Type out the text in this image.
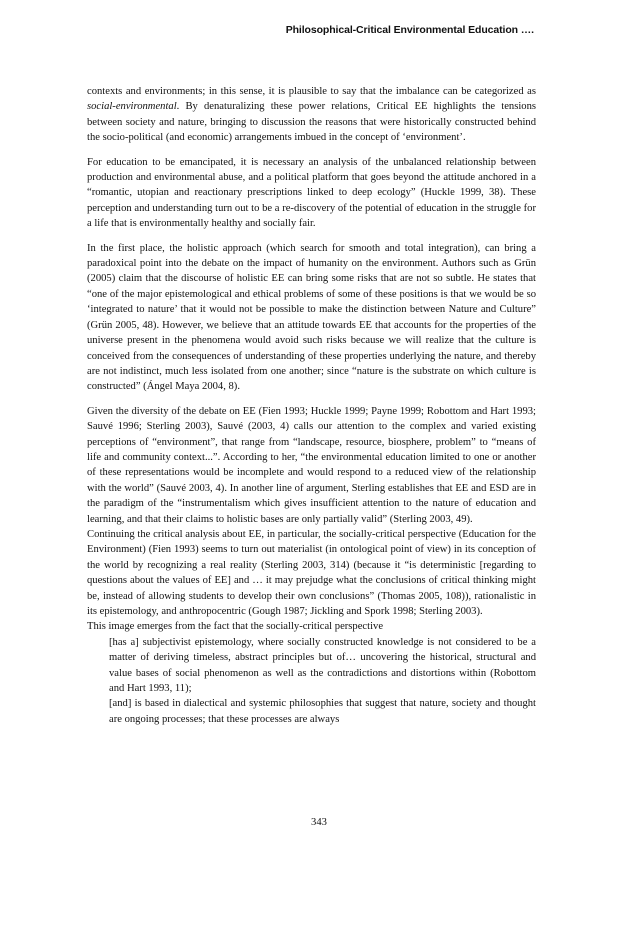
Philosophical-Critical Environmental Education ….

contexts and environments; in this sense, it is plausible to say that the imbalance can be categorized as social-environmental. By denaturalizing these power relations, Critical EE highlights the tensions between society and nature, bringing to discussion the reasons that were historically constructed behind the socio-political (and economic) arrangements imbued in the concept of ‘environment’.

For education to be emancipated, it is necessary an analysis of the unbalanced relationship between production and environmental abuse, and a political platform that goes beyond the attitude anchored in a “romantic, utopian and reactionary prescriptions linked to deep ecology” (Huckle 1999, 38). These perception and understanding turn out to be a re-discovery of the potential of education in the struggle for a life that is environmentally healthy and socially fair.

In the first place, the holistic approach (which search for smooth and total integration), can bring a paradoxical point into the debate on the impact of humanity on the environment. Authors such as Grün (2005) claim that the discourse of holistic EE can bring some risks that are not so subtle. He states that “one of the major epistemological and ethical problems of some of these positions is that we would be so ‘integrated to nature’ that it would not be possible to make the distinction between Nature and Culture” (Grün 2005, 48). However, we believe that an attitude towards EE that accounts for the properties of the universe present in the phenomena would avoid such risks because we will realize that the culture is conceived from the consequences of understanding of these properties underlying the nature, and thereby are not indistinct, much less isolated from one another; since “nature is the substrate on which culture is constructed” (Ángel Maya 2004, 8).

Given the diversity of the debate on EE (Fien 1993; Huckle 1999; Payne 1999; Robottom and Hart 1993; Sauvé 1996; Sterling 2003), Sauvé (2003, 4) calls our attention to the complex and varied existing perceptions of “environment”, that range from “landscape, resource, biosphere, problem” to “means of life and community context...”. According to her, “the environmental education limited to one or another of these representations would be incomplete and would respond to a reduced view of the relationship with the world” (Sauvé 2003, 4). In another line of argument, Sterling establishes that EE and ESD are in the paradigm of the “instrumentalism which gives insufficient attention to the nature of education and learning, and that their claims to holistic bases are only partially valid” (Sterling 2003, 49).

Continuing the critical analysis about EE, in particular, the socially-critical perspective (Education for the Environment) (Fien 1993) seems to turn out materialist (in ontological point of view) in its conception of the world by recognizing a real reality (Sterling 2003, 314) (because it “is deterministic [regarding to questions about the values of EE] and … it may prejudge what the conclusions of critical thinking might be, instead of allowing students to develop their own conclusions” (Thomas 2005, 108)), rationalistic in its epistemology, and anthropocentric (Gough 1987; Jickling and Spork 1998; Sterling 2003).

This image emerges from the fact that the socially-critical perspective

[has a] subjectivist epistemology, where socially constructed knowledge is not considered to be a matter of deriving timeless, abstract principles but of… uncovering the historical, structural and value bases of social phenomenon as well as the contradictions and distortions within (Robottom and Hart 1993, 11);

[and] is based in dialectical and systemic philosophies that suggest that nature, society and thought are ongoing processes; that these processes are always

343
